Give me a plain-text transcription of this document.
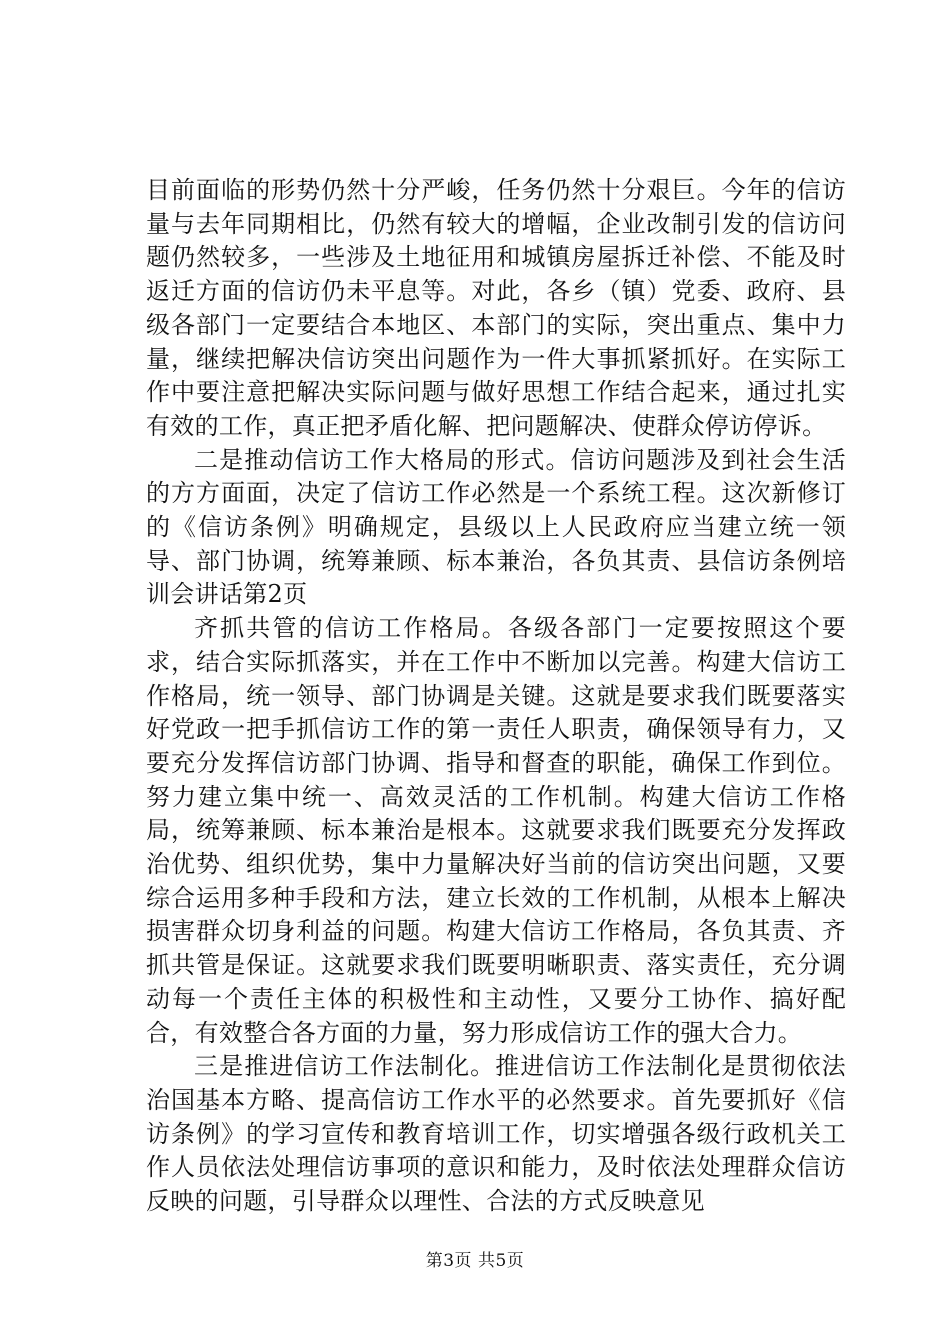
目前面临的形势仍然十分严峻，任务仍然十分艰巨。今年的信访量与去年同期相比，仍然有较大的增幅，企业改制引发的信访问题仍然较多，一些涉及土地征用和城镇房屋拆迁补偿、不能及时返迁方面的信访仍未平息等。对此，各乡（镇）党委、政府、县级各部门一定要结合本地区、本部门的实际，突出重点、集中力量，继续把解决信访突出问题作为一件大事抓紧抓好。在实际工作中要注意把解决实际问题与做好思想工作结合起来，通过扎实有效的工作，真正把矛盾化解、把问题解决、使群众停访停诉。

二是推动信访工作大格局的形式。信访问题涉及到社会生活的方方面面，决定了信访工作必然是一个系统工程。这次新修订的《信访条例》明确规定，县级以上人民政府应当建立统一领导、部门协调，统筹兼顾、标本兼治，各负其责、县信访条例培训会讲话第2页

齐抓共管的信访工作格局。各级各部门一定要按照这个要求，结合实际抓落实，并在工作中不断加以完善。构建大信访工作格局，统一领导、部门协调是关键。这就是要求我们既要落实好党政一把手抓信访工作的第一责任人职责，确保领导有力，又要充分发挥信访部门协调、指导和督查的职能，确保工作到位。努力建立集中统一、高效灵活的工作机制。构建大信访工作格局，统筹兼顾、标本兼治是根本。这就要求我们既要充分发挥政治优势、组织优势，集中力量解决好当前的信访突出问题，又要综合运用多种手段和方法，建立长效的工作机制，从根本上解决损害群众切身利益的问题。构建大信访工作格局，各负其责、齐抓共管是保证。这就要求我们既要明晰职责、落实责任，充分调动每一个责任主体的积极性和主动性，又要分工协作、搞好配合，有效整合各方面的力量，努力形成信访工作的强大合力。

三是推进信访工作法制化。推进信访工作法制化是贯彻依法治国基本方略、提高信访工作水平的必然要求。首先要抓好《信访条例》的学习宣传和教育培训工作，切实增强各级行政机关工作人员依法处理信访事项的意识和能力，及时依法处理群众信访反映的问题，引导群众以理性、合法的方式反映意见

第3页 共5页
